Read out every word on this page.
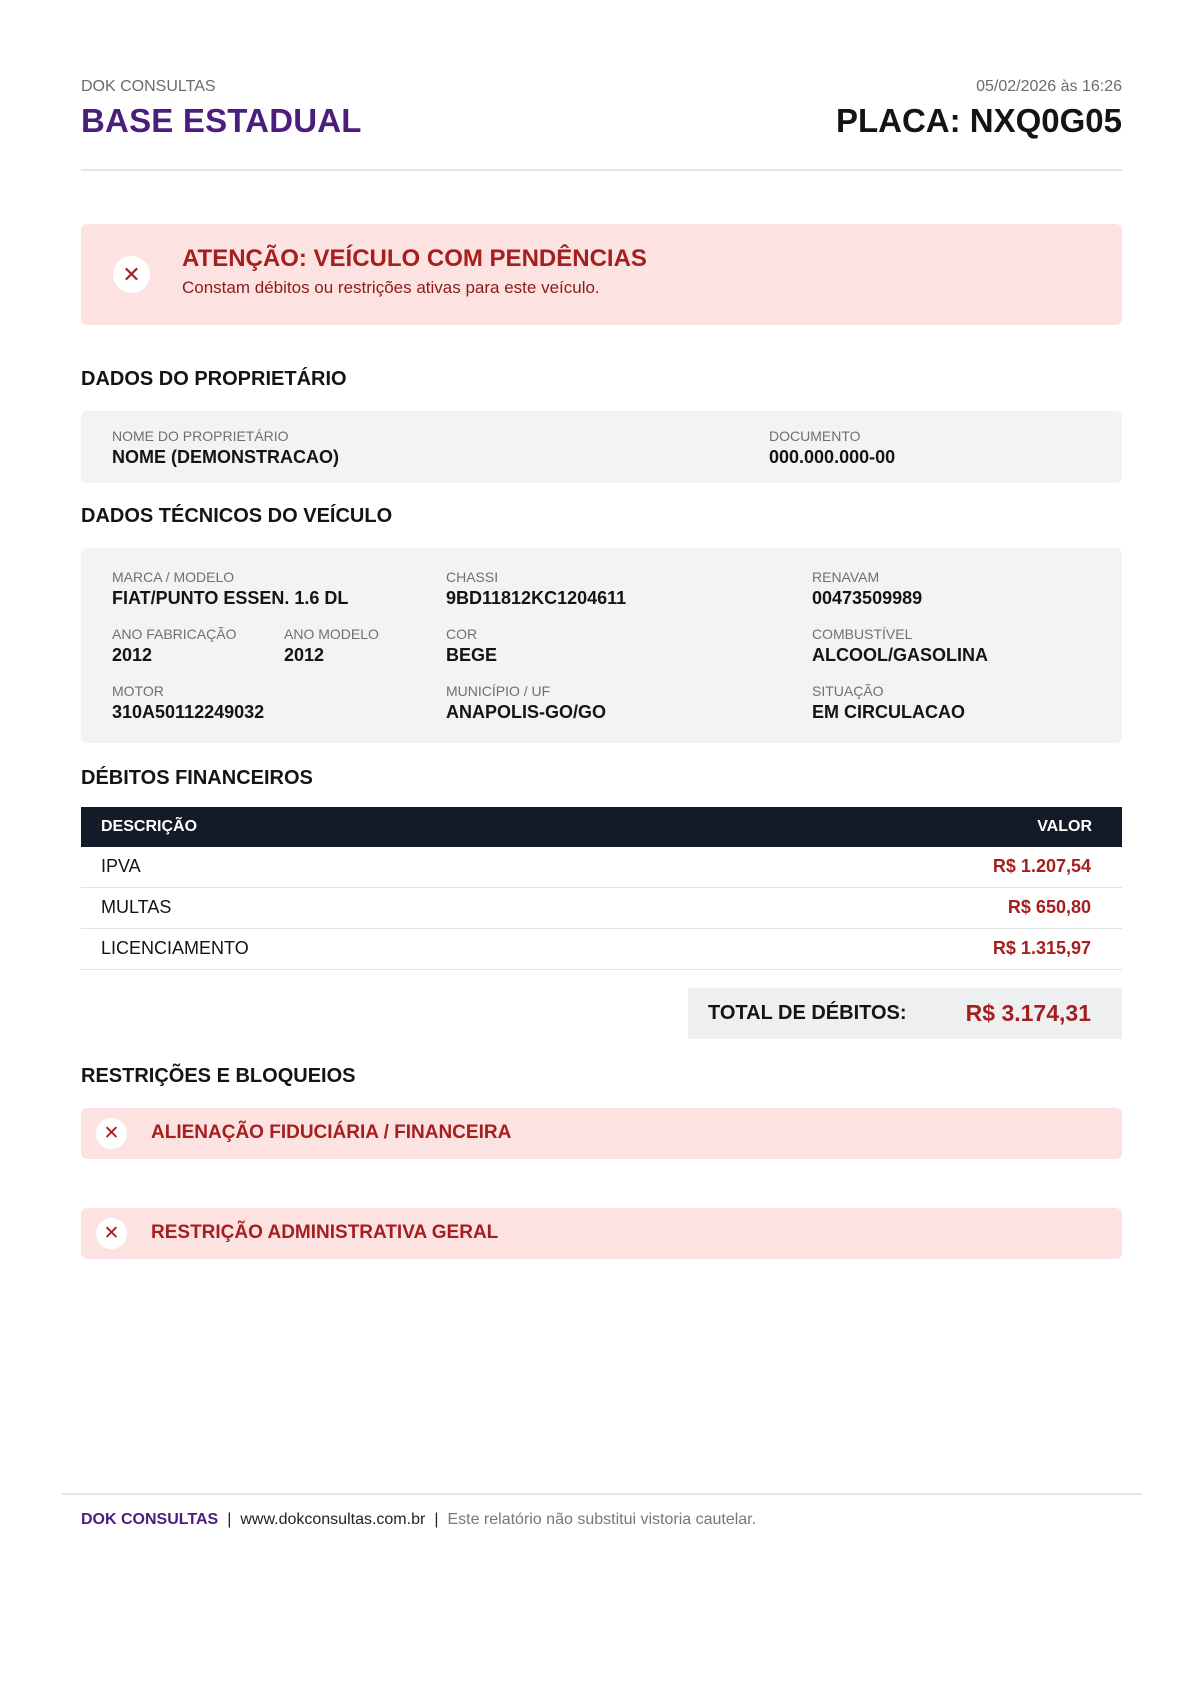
DOK CONSULTAS
BASE ESTADUAL
05/02/2026 às 16:26
PLACA: NXQ0G05
✕
ATENÇÃO: VEÍCULO COM PENDÊNCIAS
Constam débitos ou restrições ativas para este veículo.
DADOS DO PROPRIETÁRIO
NOME DO PROPRIETÁRIO
NOME (DEMONSTRACAO)
DOCUMENTO
000.000.000-00
DADOS TÉCNICOS DO VEÍCULO
MARCA / MODELO
FIAT/PUNTO ESSEN. 1.6 DL
CHASSI
9BD11812KC1204611
RENAVAM
00473509989
ANO FABRICAÇÃO
2012
ANO MODELO
2012
COR
BEGE
COMBUSTÍVEL
ALCOOL/GASOLINA
MOTOR
310A50112249032
MUNICÍPIO / UF
ANAPOLIS-GO/GO
SITUAÇÃO
EM CIRCULACAO
DÉBITOS FINANCEIROS
DESCRIÇÃO	VALOR
IPVA	R$ 1.207,54
MULTAS	R$ 650,80
LICENCIAMENTO	R$ 1.315,97
TOTAL DE DÉBITOS:	R$ 3.174,31
RESTRIÇÕES E BLOQUEIOS
✕	ALIENAÇÃO FIDUCIÁRIA / FINANCEIRA
✕	RESTRIÇÃO ADMINISTRATIVA GERAL
DOK CONSULTAS | www.dokconsultas.com.br | Este relatório não substitui vistoria cautelar.
